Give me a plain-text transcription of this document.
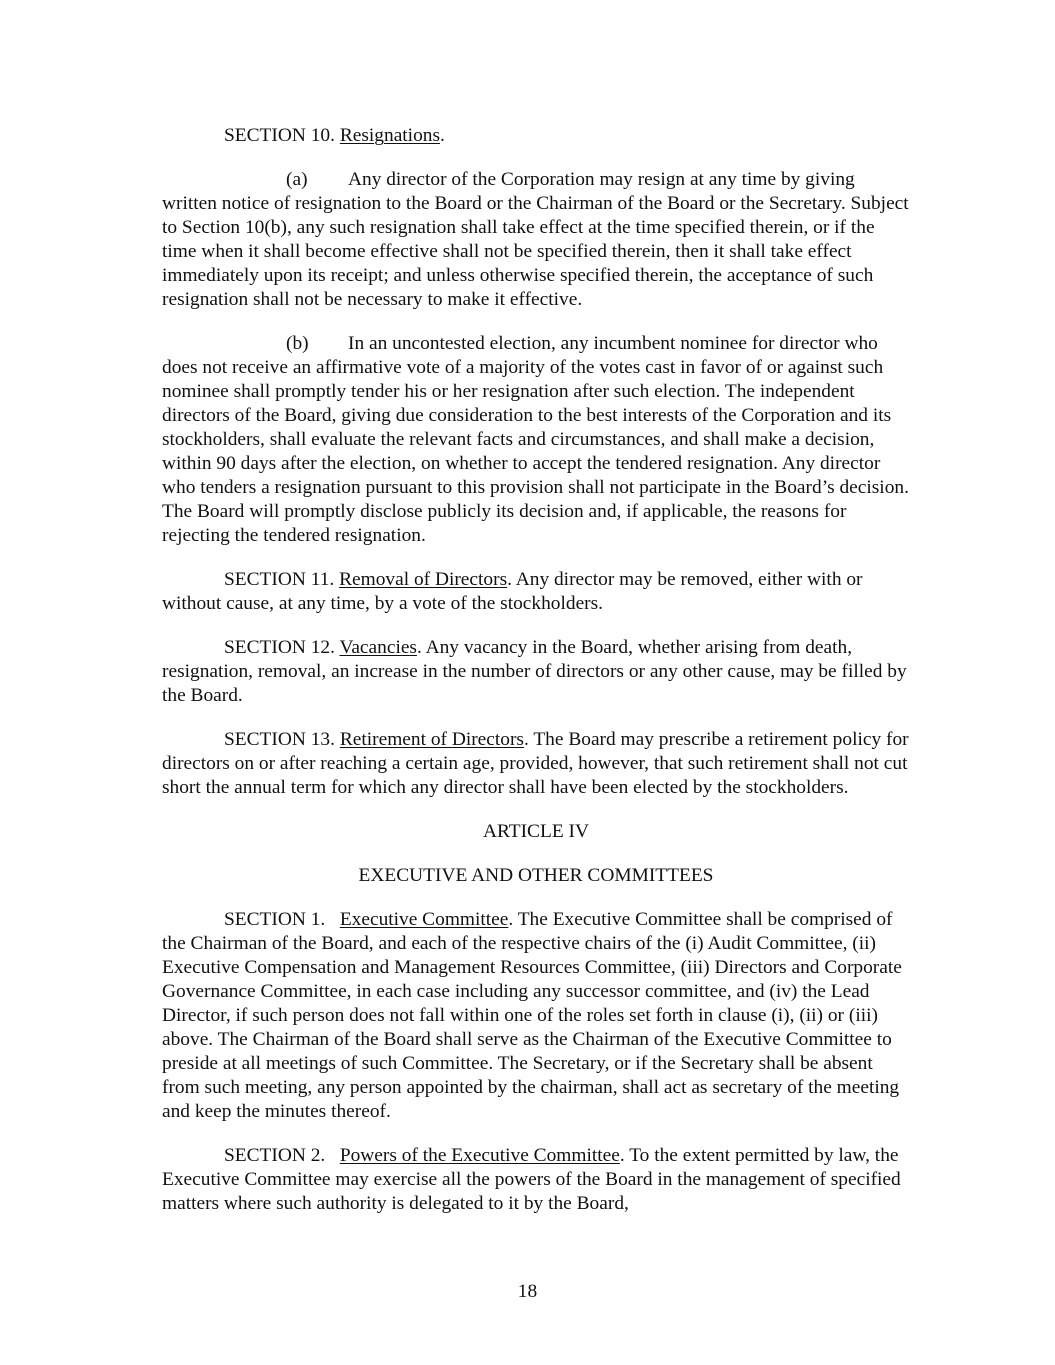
SECTION 10. Resignations.

(a) Any director of the Corporation may resign at any time by giving written notice of resignation to the Board or the Chairman of the Board or the Secretary. Subject to Section 10(b), any such resignation shall take effect at the time specified therein, or if the time when it shall become effective shall not be specified therein, then it shall take effect immediately upon its receipt; and unless otherwise specified therein, the acceptance of such resignation shall not be necessary to make it effective.

(b) In an uncontested election, any incumbent nominee for director who does not receive an affirmative vote of a majority of the votes cast in favor of or against such nominee shall promptly tender his or her resignation after such election. The independent directors of the Board, giving due consideration to the best interests of the Corporation and its stockholders, shall evaluate the relevant facts and circumstances, and shall make a decision, within 90 days after the election, on whether to accept the tendered resignation. Any director who tenders a resignation pursuant to this provision shall not participate in the Board’s decision. The Board will promptly disclose publicly its decision and, if applicable, the reasons for rejecting the tendered resignation.

SECTION 11. Removal of Directors. Any director may be removed, either with or without cause, at any time, by a vote of the stockholders.

SECTION 12. Vacancies. Any vacancy in the Board, whether arising from death, resignation, removal, an increase in the number of directors or any other cause, may be filled by the Board.

SECTION 13. Retirement of Directors. The Board may prescribe a retirement policy for directors on or after reaching a certain age, provided, however, that such retirement shall not cut short the annual term for which any director shall have been elected by the stockholders.

ARTICLE IV

EXECUTIVE AND OTHER COMMITTEES

SECTION 1. Executive Committee. The Executive Committee shall be comprised of the Chairman of the Board, and each of the respective chairs of the (i) Audit Committee, (ii) Executive Compensation and Management Resources Committee, (iii) Directors and Corporate Governance Committee, in each case including any successor committee, and (iv) the Lead Director, if such person does not fall within one of the roles set forth in clause (i), (ii) or (iii) above. The Chairman of the Board shall serve as the Chairman of the Executive Committee to preside at all meetings of such Committee. The Secretary, or if the Secretary shall be absent from such meeting, any person appointed by the chairman, shall act as secretary of the meeting and keep the minutes thereof.

SECTION 2. Powers of the Executive Committee. To the extent permitted by law, the Executive Committee may exercise all the powers of the Board in the management of specified matters where such authority is delegated to it by the Board,

18
